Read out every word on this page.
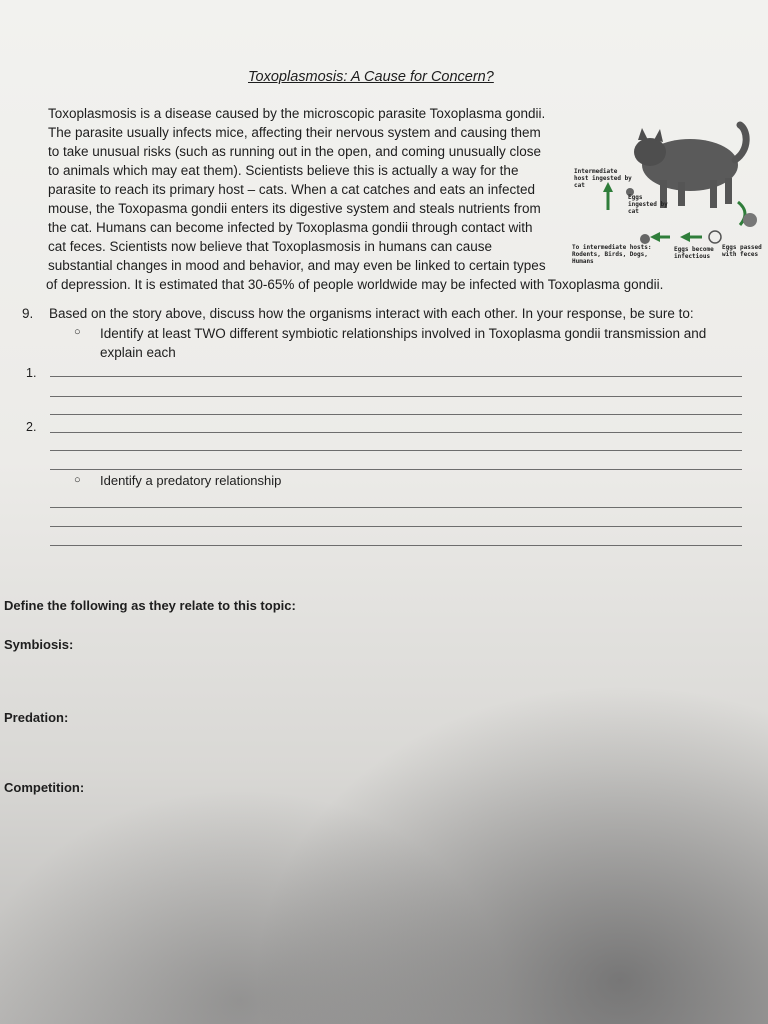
Toxoplasmosis: A Cause for Concern?
Toxoplasmosis is a disease caused by the microscopic parasite Toxoplasma gondii.
The parasite usually infects mice, affecting their nervous system and causing them
to take unusual risks (such as running out in the open, and coming unusually close
to animals which may eat them). Scientists believe this is actually a way for the
parasite to reach its primary host – cats. When a cat catches and eats an infected
mouse, the Toxopasma gondii enters its digestive system and steals nutrients from
the cat. Humans can become infected by Toxoplasma gondii through contact with
cat feces. Scientists now believe that Toxoplasmosis in humans can cause
substantial changes in mood and behavior, and may even be linked to certain types
of depression. It is estimated that 30-65% of people worldwide may be infected with Toxoplasma gondii.
Intermediate host ingested by cat
Eggs ingested by cat
To intermediate hosts: Rodents, Birds, Dogs, Humans
Eggs become infectious
Eggs passed with feces
9. Based on the story above, discuss how the organisms interact with each other. In your response, be sure to:
○ Identify at least TWO different symbiotic relationships involved in Toxoplasma gondii transmission and explain each
1.
2.
○ Identify a predatory relationship
Define the following as they relate to this topic:
Symbiosis:
Predation:
Competition:
